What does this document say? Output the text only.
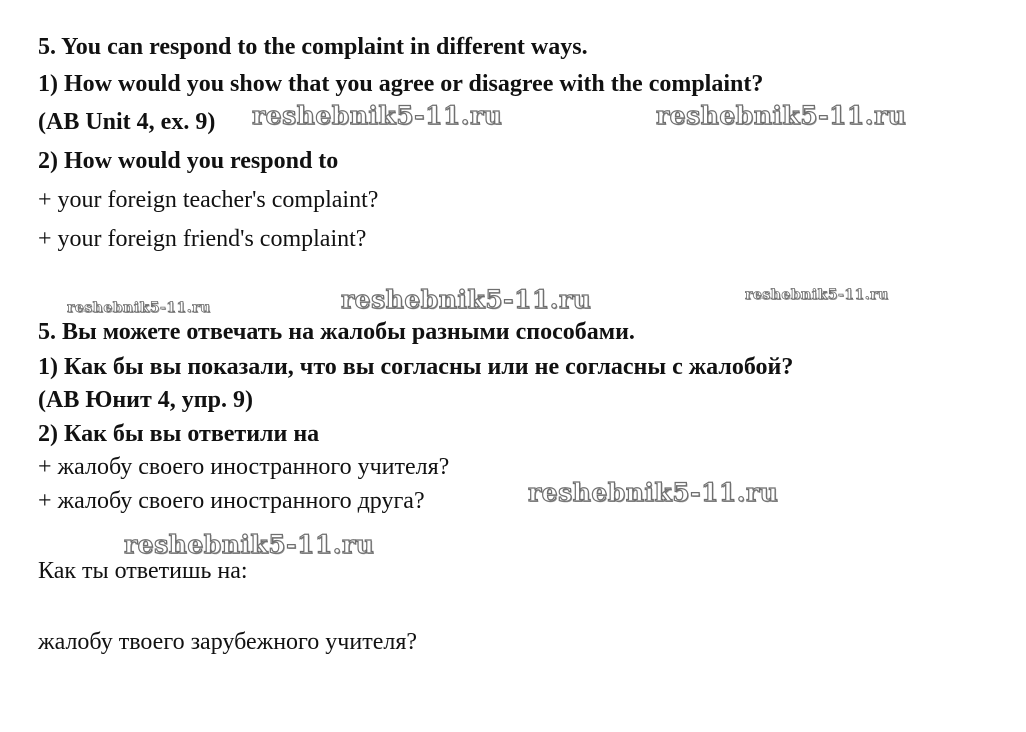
5. You can respond to the complaint in different ways.

1) How would you show that you agree or disagree with the complaint?

(AB Unit 4, ex. 9)

2) How would you respond to

+ your foreign teacher's complaint?

+ your foreign friend's complaint?

5. Вы можете отвечать на жалобы разными способами.

1) Как бы вы показали, что вы согласны или не согласны с жалобой?

(AB Юнит 4, упр. 9)

2) Как бы вы ответили на

+ жалобу своего иностранного учителя?

+ жалобу своего иностранного друга?

Как ты ответишь на:

жалобу твоего зарубежного учителя?

reshebnik5-11.ru	reshebnik5-11.ru
reshebnik5-11.ru	reshebnik5-11.ru	reshebnik5-11.ru
reshebnik5-11.ru
reshebnik5-11.ru
